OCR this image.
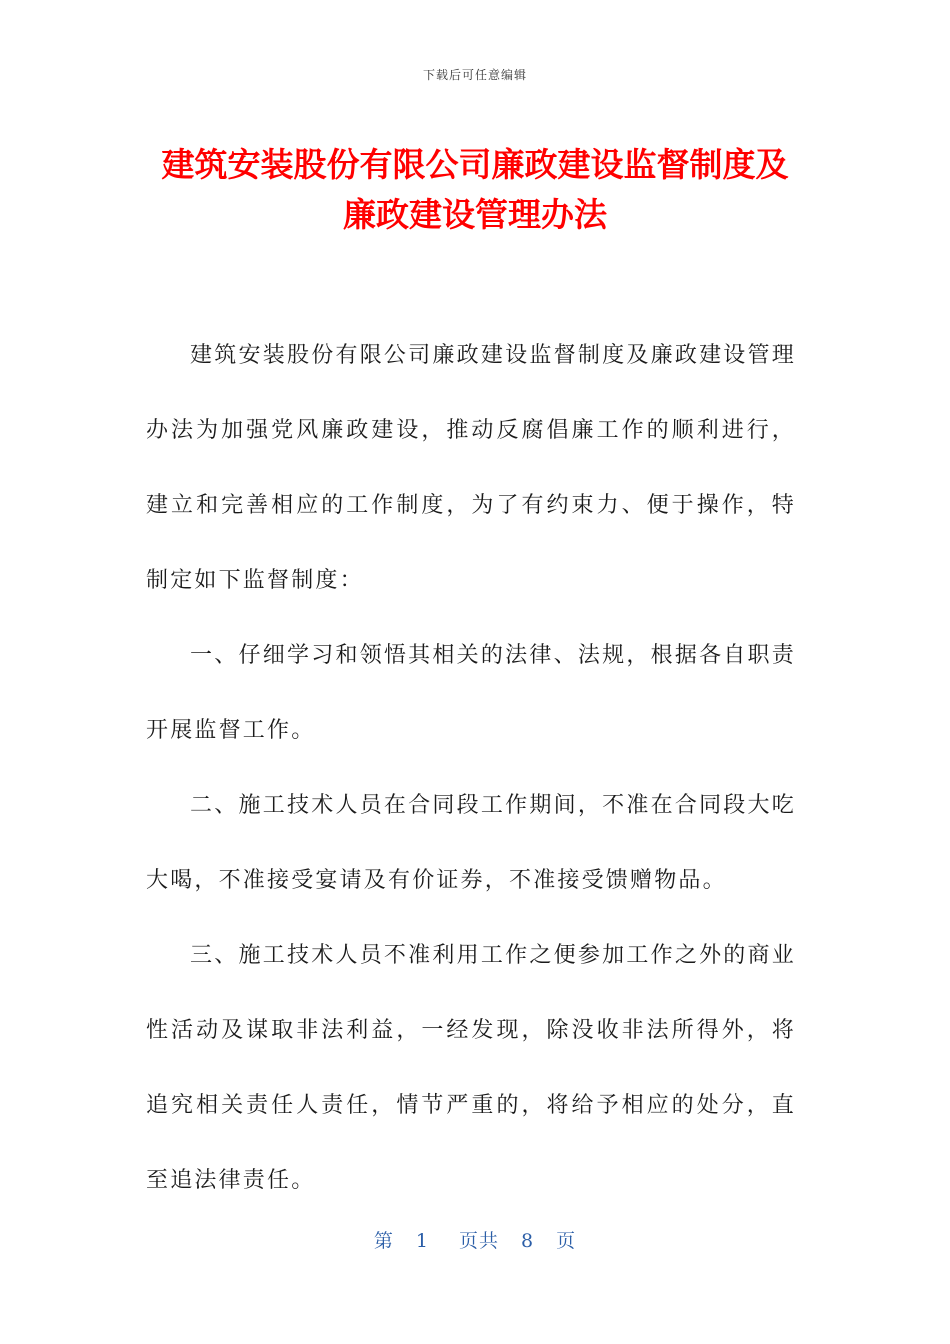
下载后可任意编辑
建筑安装股份有限公司廉政建设监督制度及
廉政建设管理办法

建筑安装股份有限公司廉政建设监督制度及廉政建设管理办法为加强党风廉政建设，推动反腐倡廉工作的顺利进行，建立和完善相应的工作制度，为了有约束力、便于操作，特制定如下监督制度：

一、仔细学习和领悟其相关的法律、法规，根据各自职责开展监督工作。

二、施工技术人员在合同段工作期间，不准在合同段大吃大喝，不准接受宴请及有价证券，不准接受馈赠物品。

三、施工技术人员不准利用工作之便参加工作之外的商业性活动及谋取非法利益，一经发现，除没收非法所得外，将追究相关责任人责任，情节严重的，将给予相应的处分，直至追法律责任。

第 1 页共 8 页
